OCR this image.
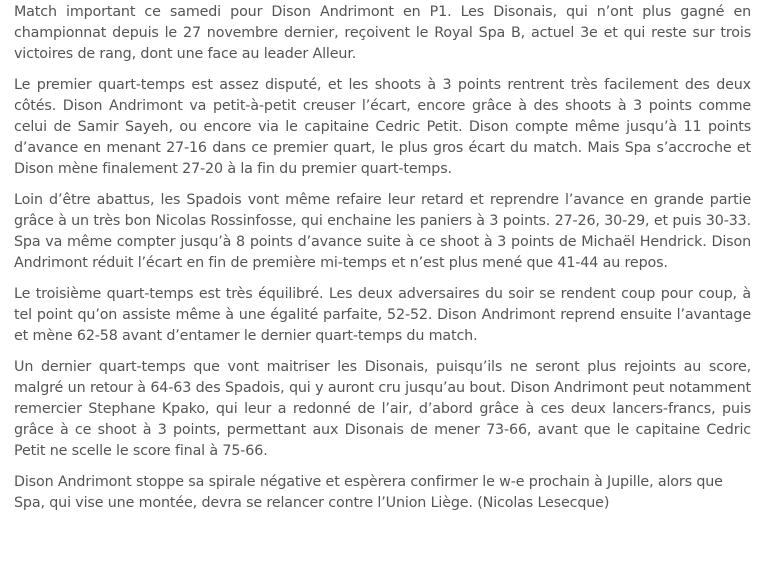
Match important ce samedi pour Dison Andrimont en P1. Les Disonais, qui n’ont plus gagné en championnat depuis le 27 novembre dernier, reçoivent le Royal Spa B, actuel 3e et qui reste sur trois victoires de rang, dont une face au leader Alleur.

Le premier quart-temps est assez disputé, et les shoots à 3 points rentrent très facilement des deux côtés. Dison Andrimont va petit-à-petit creuser l’écart, encore grâce à des shoots à 3 points comme celui de Samir Sayeh, ou encore via le capitaine Cedric Petit. Dison compte même jusqu’à 11 points d’avance en menant 27-16 dans ce premier quart, le plus gros écart du match. Mais Spa s’accroche et Dison mène finalement 27-20 à la fin du premier quart-temps.

Loin d’être abattus, les Spadois vont même refaire leur retard et reprendre l’avance en grande partie grâce à un très bon Nicolas Rossinfosse, qui enchaine les paniers à 3 points. 27-26, 30-29, et puis 30-33. Spa va même compter jusqu’à 8 points d’avance suite à ce shoot à 3 points de Michaël Hendrick. Dison Andrimont réduit l’écart en fin de première mi-temps et n’est plus mené que 41-44 au repos.

Le troisième quart-temps est très équilibré. Les deux adversaires du soir se rendent coup pour coup, à tel point qu’on assiste même à une égalité parfaite, 52-52. Dison Andrimont reprend ensuite l’avantage et mène 62-58 avant d’entamer le dernier quart-temps du match.

Un dernier quart-temps que vont maitriser les Disonais, puisqu’ils ne seront plus rejoints au score, malgré un retour à 64-63 des Spadois, qui y auront cru jusqu’au bout. Dison Andrimont peut notamment remercier Stephane Kpako, qui leur a redonné de l’air, d’abord grâce à ces deux lancers-francs, puis grâce à ce shoot à 3 points, permettant aux Disonais de mener 73-66, avant que le capitaine Cedric Petit ne scelle le score final à 75-66.

Dison Andrimont stoppe sa spirale négative et espèrera confirmer le w-e prochain à Jupille, alors que Spa, qui vise une montée, devra se relancer contre l’Union Liège. (Nicolas Lesecque)
